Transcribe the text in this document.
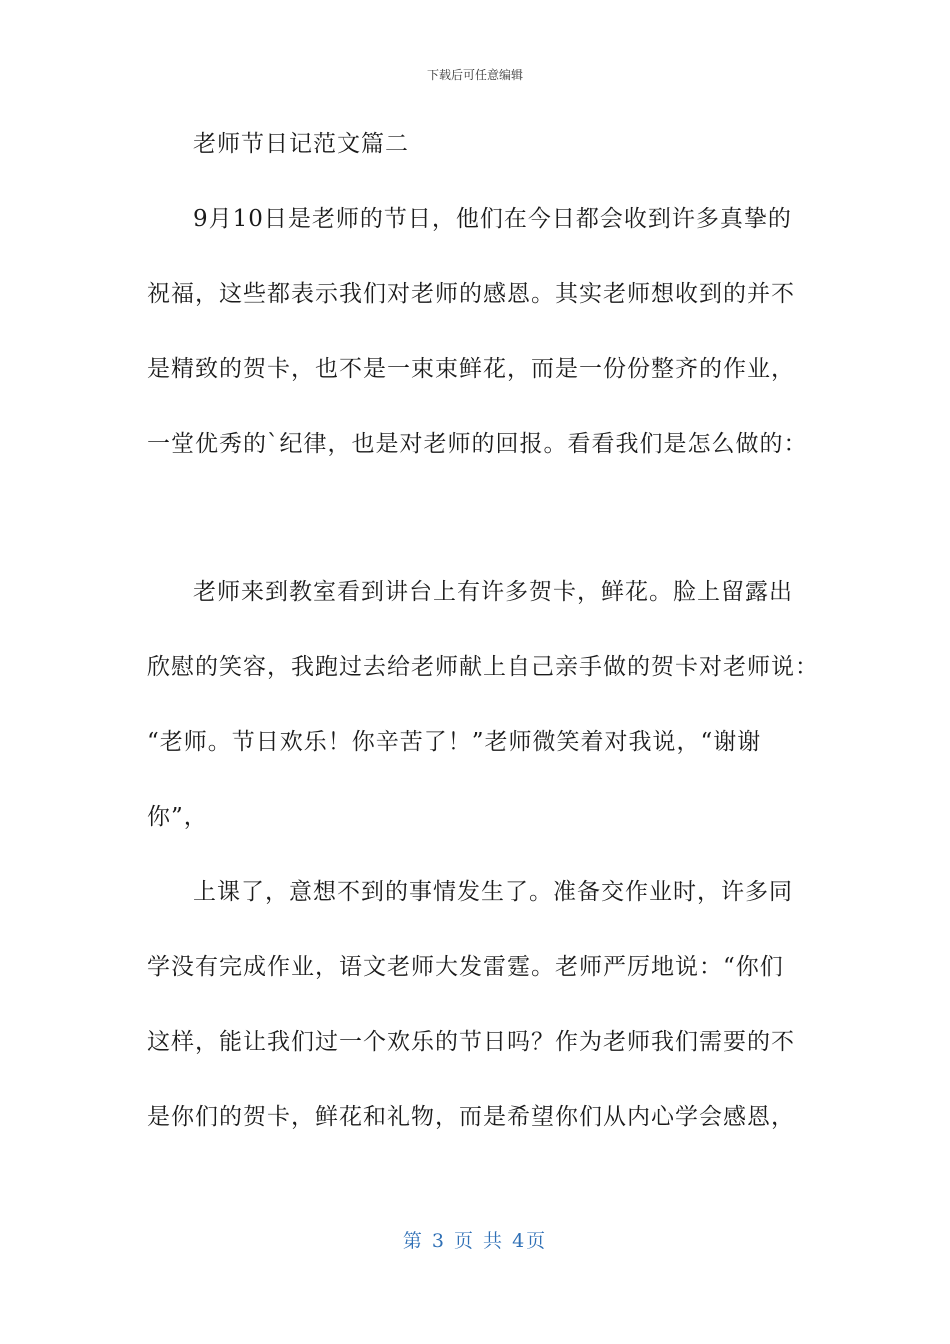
下载后可任意编辑
老师节日记范文篇二
9月10日是老师的节日，他们在今日都会收到许多真挚的
祝福，这些都表示我们对老师的感恩。其实老师想收到的并不
是精致的贺卡，也不是一束束鲜花，而是一份份整齐的作业，
一堂优秀的`纪律，也是对老师的回报。看看我们是怎么做的：
老师来到教室看到讲台上有许多贺卡，鲜花。脸上留露出
欣慰的笑容，我跑过去给老师献上自己亲手做的贺卡对老师说：
“老师。节日欢乐！你辛苦了！”老师微笑着对我说，“谢谢
你”，
上课了，意想不到的事情发生了。准备交作业时，许多同
学没有完成作业，语文老师大发雷霆。老师严厉地说：“你们
这样，能让我们过一个欢乐的节日吗？作为老师我们需要的不
是你们的贺卡，鲜花和礼物，而是希望你们从内心学会感恩，
第 3 页 共 4页
